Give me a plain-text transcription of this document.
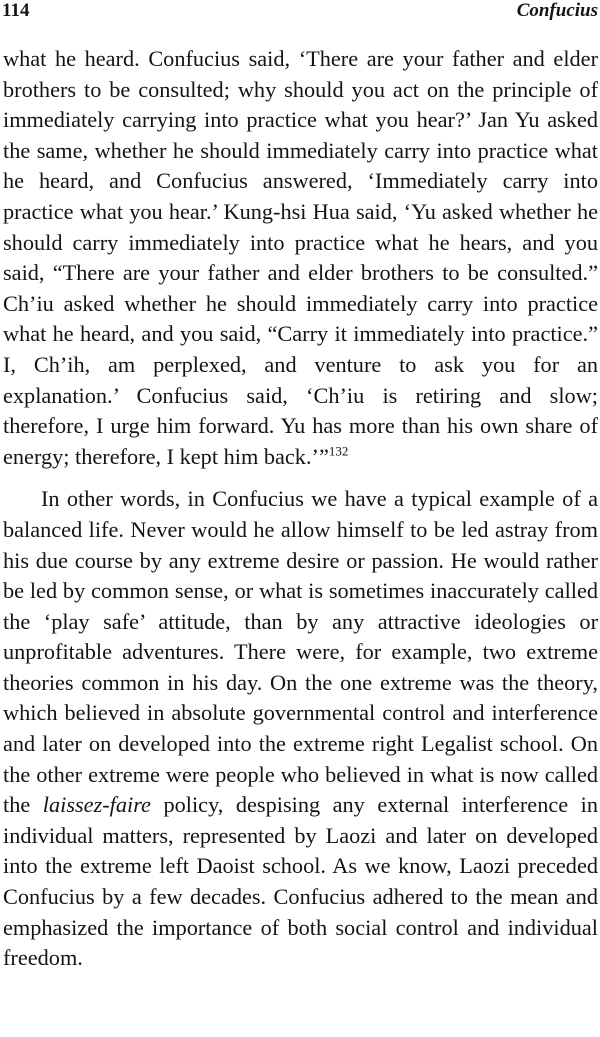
114	Confucius

what he heard. Confucius said, ‘There are your father and elder brothers to be consulted; why should you act on the principle of immediately carrying into practice what you hear?’ Jan Yu asked the same, whether he should immediately carry into practice what he heard, and Confucius answered, ‘Immediately carry into practice what you hear.’ Kung-hsi Hua said, ‘Yu asked whether he should carry immediately into practice what he hears, and you said, “There are your father and elder brothers to be consulted.” Ch’iu asked whether he should immediately carry into practice what he heard, and you said, “Carry it immediately into practice.” I, Ch’ih, am perplexed, and venture to ask you for an explanation.’ Confucius said, ‘Ch’iu is retiring and slow; therefore, I urge him forward. Yu has more than his own share of energy; therefore, I kept him back.’”$^{132}$

In other words, in Confucius we have a typical example of a balanced life. Never would he allow himself to be led astray from his due course by any extreme desire or passion. He would rather be led by common sense, or what is sometimes inaccurately called the ‘play safe’ attitude, than by any attractive ideologies or unprofitable adventures. There were, for example, two extreme theories common in his day. On the one extreme was the theory, which believed in absolute governmental control and interference and later on developed into the extreme right Legalist school. On the other extreme were people who believed in what is now called the laissez-faire policy, despising any external interference in individual matters, represented by Laozi and later on developed into the extreme left Daoist school. As we know, Laozi preceded Confucius by a few decades. Confucius adhered to the mean and emphasized the importance of both social control and individual freedom.
